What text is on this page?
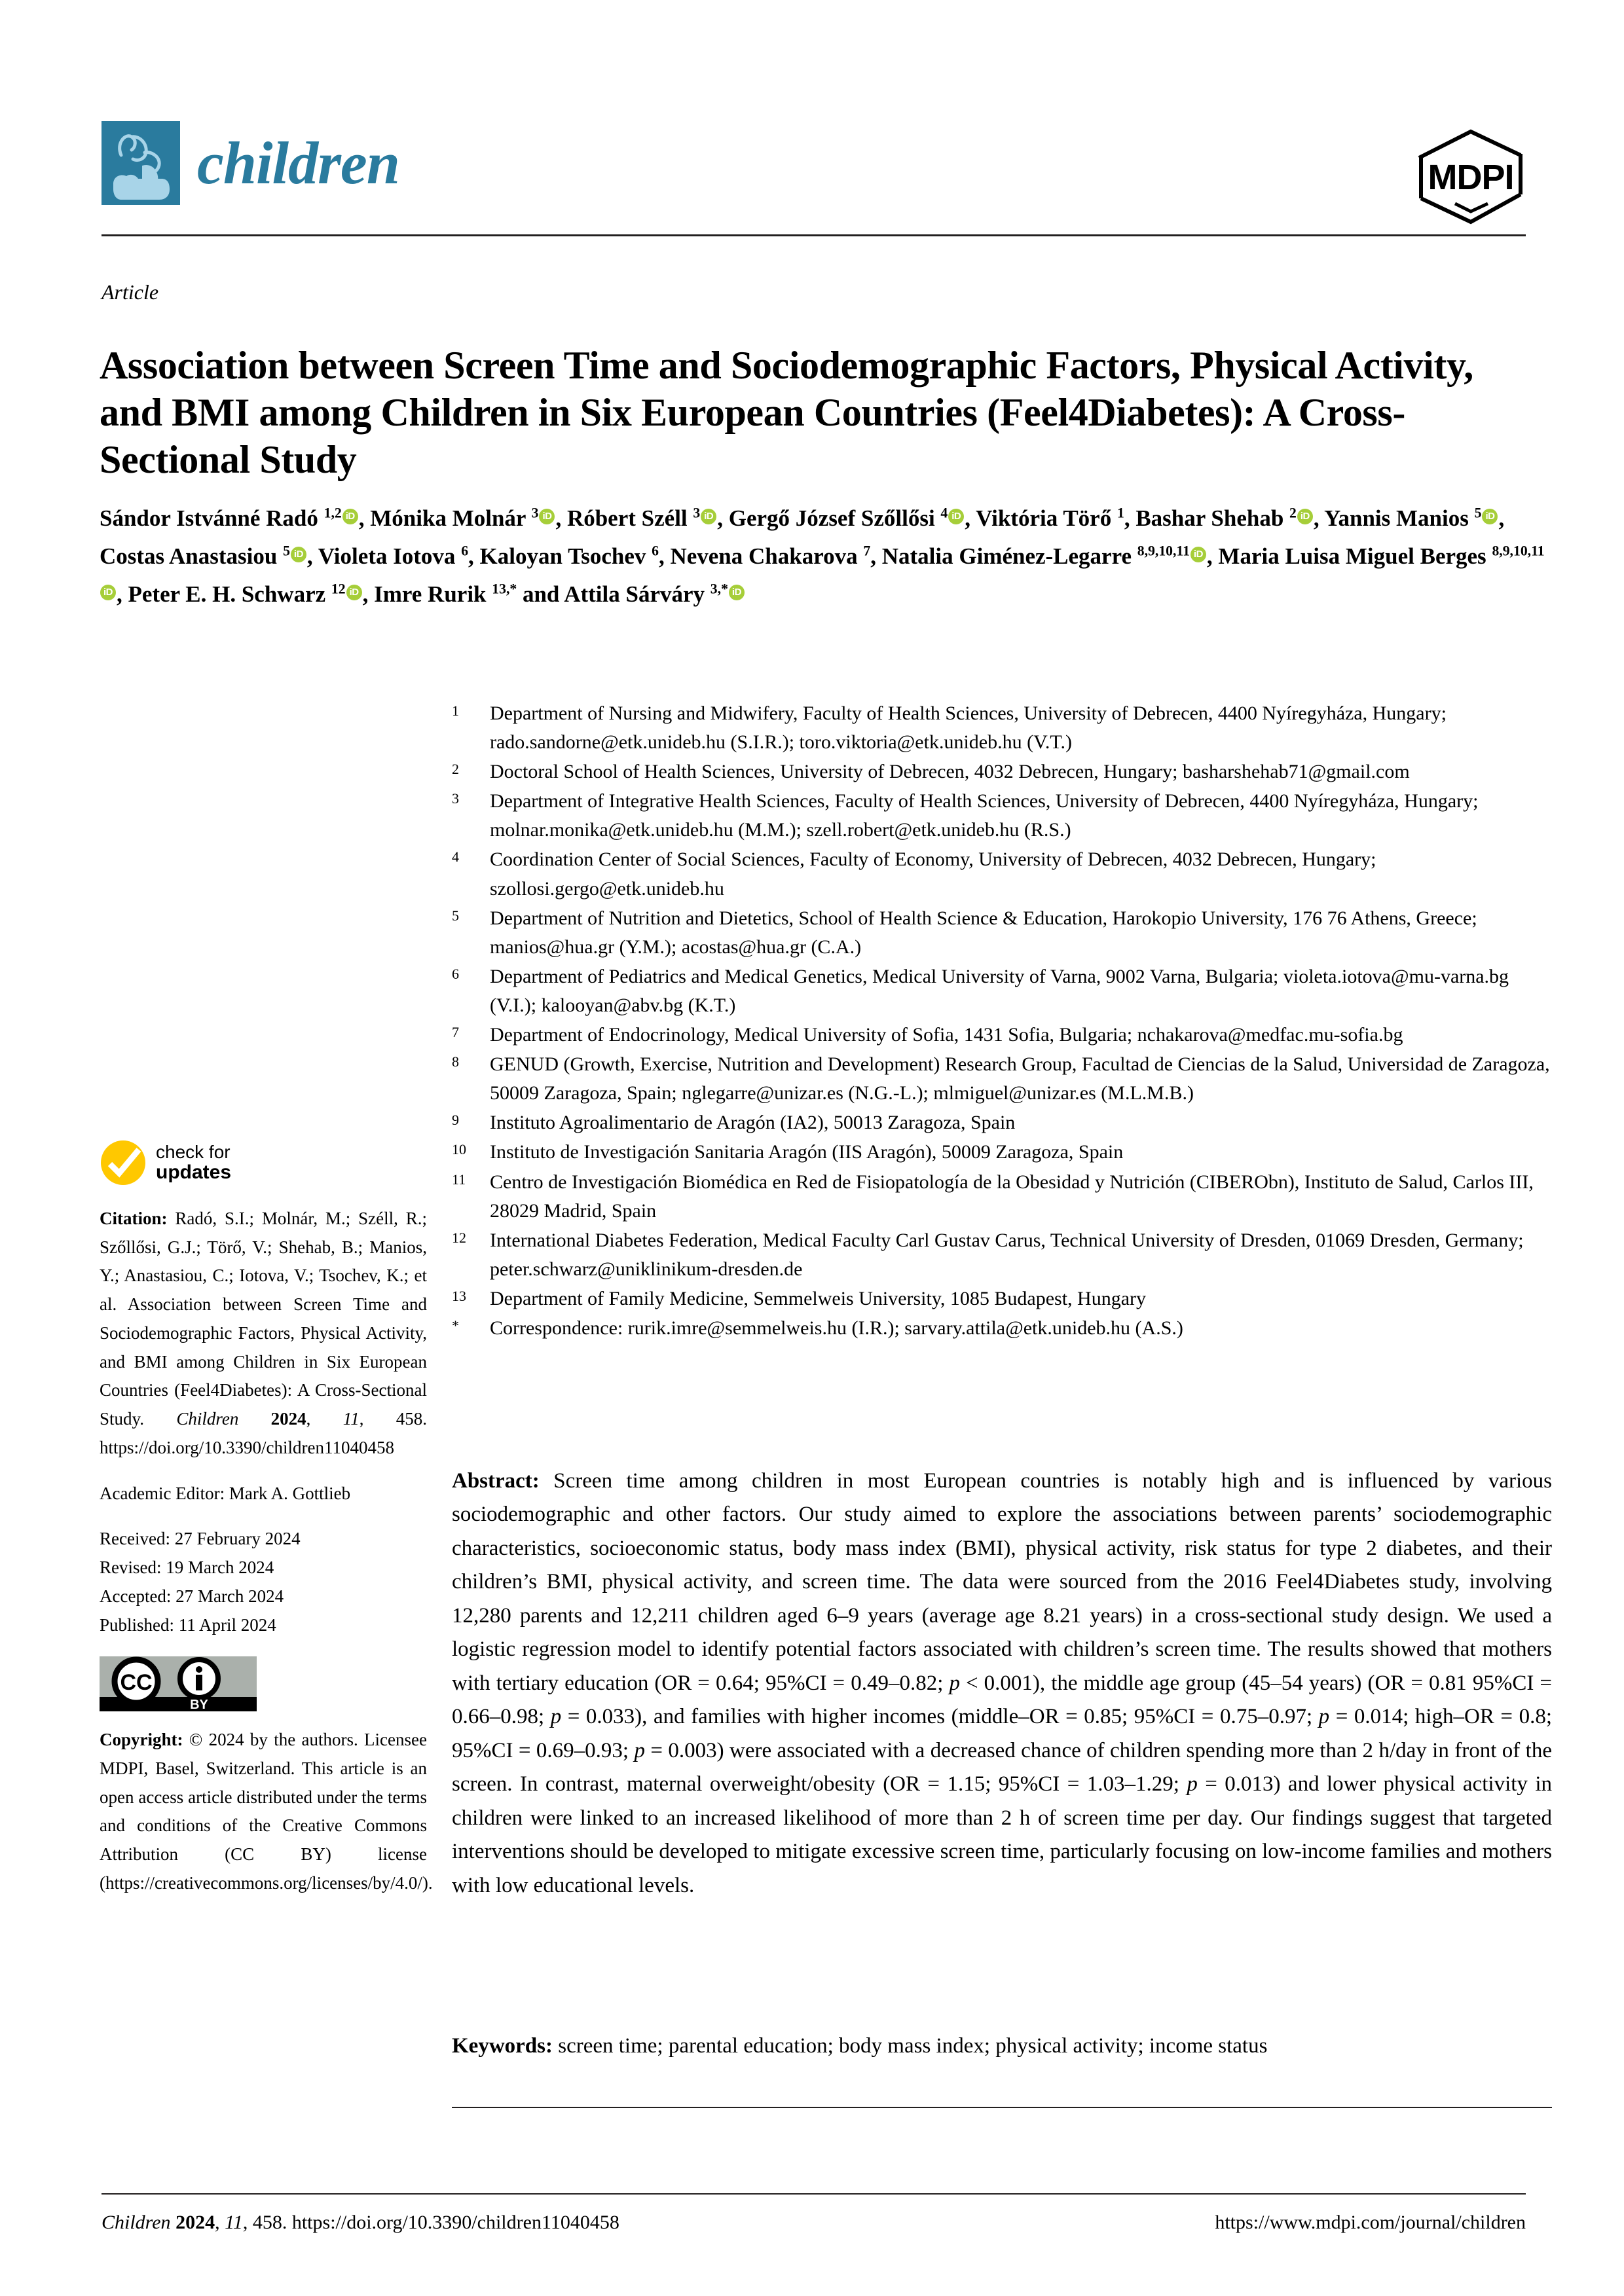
children	MDPI
Article
Association between Screen Time and Sociodemographic Factors, Physical Activity, and BMI among Children in Six European Countries (Feel4Diabetes): A Cross-Sectional Study
Sándor Istvánné Radó $^{1,2}$ iD , Mónika Molnár $^3$ iD , Róbert Széll $^3$ iD , Gergő József Szőllősi $^4$ iD , Viktória Törő $^1$, Bashar Shehab $^2$ iD , Yannis Manios $^5$ iD , Costas Anastasiou $^5$ iD , Violeta Iotova $^6$, Kaloyan Tsochev $^6$, Nevena Chakarova $^7$, Natalia Giménez-Legarre $^{8,9,10,11}$ iD , Maria Luisa Miguel Berges $^{8,9,10,11}$iD , Peter E. H. Schwarz $^{12}$ iD , Imre Rurik $^{13,*}$ and Attila Sárváry $^{3,*}$ iD
1	Department of Nursing and Midwifery, Faculty of Health Sciences, University of Debrecen, 4400 Nyíregyháza, Hungary; rado.sandorne@etk.unideb.hu (S.I.R.); toro.viktoria@etk.unideb.hu (V.T.)
2	Doctoral School of Health Sciences, University of Debrecen, 4032 Debrecen, Hungary; basharshehab71@gmail.com
3	Department of Integrative Health Sciences, Faculty of Health Sciences, University of Debrecen, 4400 Nyíregyháza, Hungary; molnar.monika@etk.unideb.hu (M.M.); szell.robert@etk.unideb.hu (R.S.)
4	Coordination Center of Social Sciences, Faculty of Economy, University of Debrecen, 4032 Debrecen, Hungary; szollosi.gergo@etk.unideb.hu
5	Department of Nutrition and Dietetics, School of Health Science & Education, Harokopio University, 176 76 Athens, Greece; manios@hua.gr (Y.M.); acostas@hua.gr (C.A.)
6	Department of Pediatrics and Medical Genetics, Medical University of Varna, 9002 Varna, Bulgaria; violeta.iotova@mu-varna.bg (V.I.); kalooyan@abv.bg (K.T.)
7	Department of Endocrinology, Medical University of Sofia, 1431 Sofia, Bulgaria; nchakarova@medfac.mu-sofia.bg
8	GENUD (Growth, Exercise, Nutrition and Development) Research Group, Facultad de Ciencias de la Salud, Universidad de Zaragoza, 50009 Zaragoza, Spain; nglegarre@unizar.es (N.G.-L.); mlmiguel@unizar.es (M.L.M.B.)
9	Instituto Agroalimentario de Aragón (IA2), 50013 Zaragoza, Spain
10	Instituto de Investigación Sanitaria Aragón (IIS Aragón), 50009 Zaragoza, Spain
11	Centro de Investigación Biomédica en Red de Fisiopatología de la Obesidad y Nutrición (CIBERObn), Instituto de Salud, Carlos III, 28029 Madrid, Spain
12	International Diabetes Federation, Medical Faculty Carl Gustav Carus, Technical University of Dresden, 01069 Dresden, Germany; peter.schwarz@uniklinikum-dresden.de
13	Department of Family Medicine, Semmelweis University, 1085 Budapest, Hungary
*	Correspondence: rurik.imre@semmelweis.hu (I.R.); sarvary.attila@etk.unideb.hu (A.S.)
check for
updates

Citation: Radó, S.I.; Molnár, M.; Széll, R.; Szőllősi, G.J.; Törő, V.; Shehab, B.; Manios, Y.; Anastasiou, C.; Iotova, V.; Tsochev, K.; et al. Association between Screen Time and Sociodemographic Factors, Physical Activity, and BMI among Children in Six European Countries (Feel4Diabetes): A Cross-Sectional Study. Children 2024, 11, 458. https://doi.org/10.3390/children11040458

Academic Editor: Mark A. Gottlieb

Received: 27 February 2024
Revised: 19 March 2024
Accepted: 27 March 2024
Published: 11 April 2024

CC
BY

Copyright: © 2024 by the authors. Licensee MDPI, Basel, Switzerland. This article is an open access article distributed under the terms and conditions of the Creative Commons Attribution (CC BY) license (https://creativecommons.org/licenses/by/4.0/).

Abstract: Screen time among children in most European countries is notably high and is influenced by various sociodemographic and other factors. Our study aimed to explore the associations between parents’ sociodemographic characteristics, socioeconomic status, body mass index (BMI), physical activity, risk status for type 2 diabetes, and their children’s BMI, physical activity, and screen time. The data were sourced from the 2016 Feel4Diabetes study, involving 12,280 parents and 12,211 children aged 6–9 years (average age 8.21 years) in a cross-sectional study design. We used a logistic regression model to identify potential factors associated with children’s screen time. The results showed that mothers with tertiary education (OR = 0.64; 95%CI = 0.49–0.82; p < 0.001), the middle age group (45–54 years) (OR = 0.81 95%CI = 0.66–0.98; p = 0.033), and families with higher incomes (middle–OR = 0.85; 95%CI = 0.75–0.97; p = 0.014; high–OR = 0.8; 95%CI = 0.69–0.93; p = 0.003) were associated with a decreased chance of children spending more than 2 h/day in front of the screen. In contrast, maternal overweight/obesity (OR = 1.15; 95%CI = 1.03–1.29; p = 0.013) and lower physical activity in children were linked to an increased likelihood of more than 2 h of screen time per day. Our findings suggest that targeted interventions should be developed to mitigate excessive screen time, particularly focusing on low-income families and mothers with low educational levels.
Keywords: screen time; parental education; body mass index; physical activity; income status
Children 2024, 11, 458. https://doi.org/10.3390/children11040458	https://www.mdpi.com/journal/children
